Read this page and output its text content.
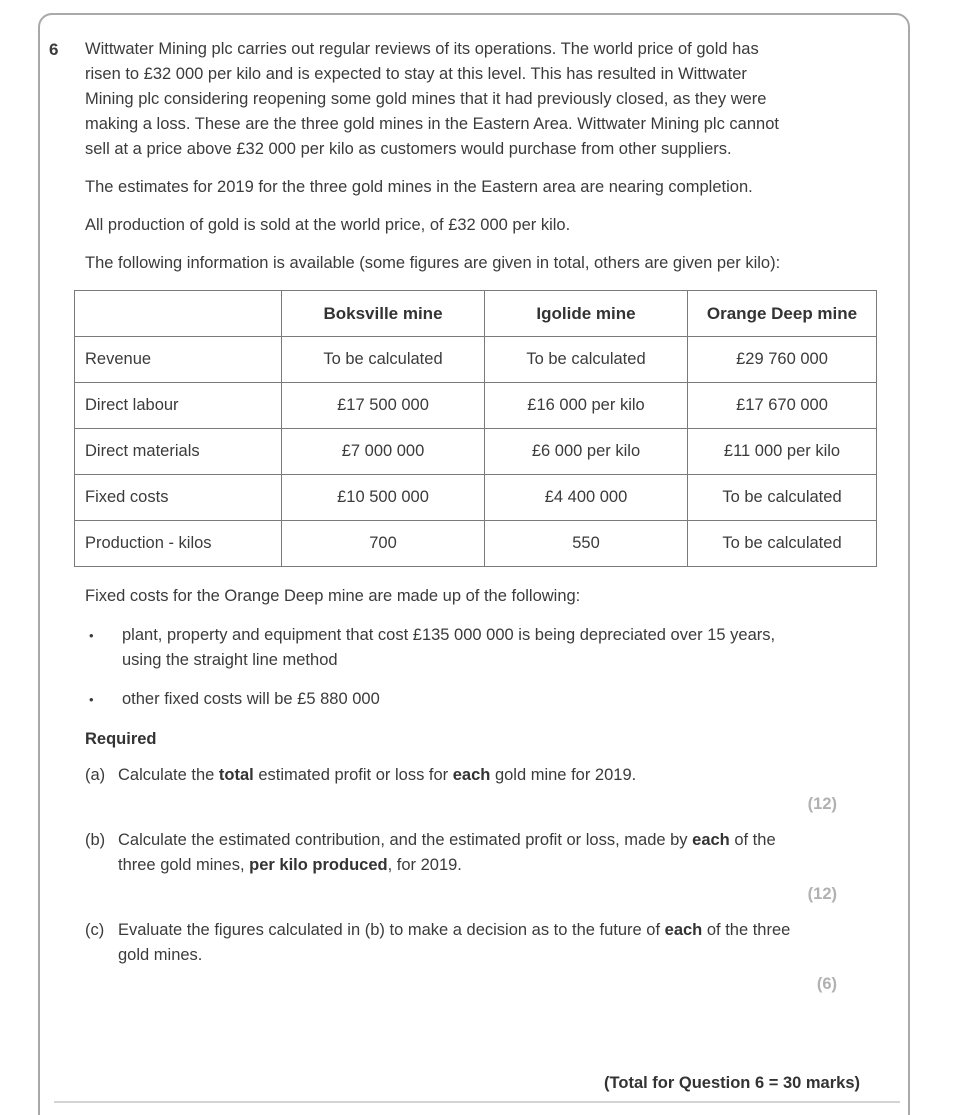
6	Wittwater Mining plc carries out regular reviews of its operations. The world price of gold has risen to £32 000 per kilo and is expected to stay at this level. This has resulted in Wittwater Mining plc considering reopening some gold mines that it had previously closed, as they were making a loss. These are the three gold mines in the Eastern Area. Wittwater Mining plc cannot sell at a price above £32 000 per kilo as customers would purchase from other suppliers.

The estimates for 2019 for the three gold mines in the Eastern area are nearing completion.

All production of gold is sold at the world price, of £32 000 per kilo.

The following information is available (some figures are given in total, others are given per kilo):

	Boksville mine	Igolide mine	Orange Deep mine
Revenue	To be calculated	To be calculated	£29 760 000
Direct labour	£17 500 000	£16 000 per kilo	£17 670 000
Direct materials	£7 000 000	£6 000 per kilo	£11 000 per kilo
Fixed costs	£10 500 000	£4 400 000	To be calculated
Production - kilos	700	550	To be calculated

Fixed costs for the Orange Deep mine are made up of the following:

•	plant, property and equipment that cost £135 000 000 is being depreciated over 15 years, using the straight line method
•	other fixed costs will be £5 880 000

Required

(a) Calculate the total estimated profit or loss for each gold mine for 2019.
(12)
(b) Calculate the estimated contribution, and the estimated profit or loss, made by each of the three gold mines, per kilo produced, for 2019.
(12)
(c) Evaluate the figures calculated in (b) to make a decision as to the future of each of the three gold mines.
(6)
(Total for Question 6 = 30 marks)
